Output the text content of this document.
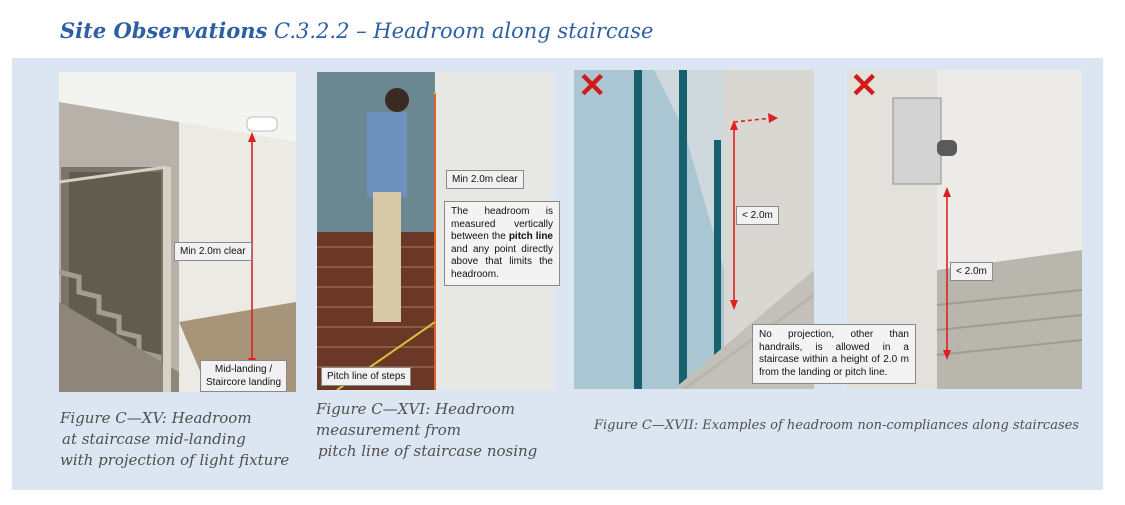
Site Observations C.3.2.2 – Headroom along staircase
Min 2.0m clear
Mid-landing /
Staircore landing
Figure C—XV: Headroom
at staircase mid-landing
with projection of light fixture
Min 2.0m clear
The headroom is measured vertically between the pitch line and any point directly above that limits the headroom.
Pitch line of steps
Figure C—XVI: Headroom
measurement from
pitch line of staircase nosing
✕
< 2.0m
✕
< 2.0m
No projection, other than handrails, is allowed in a staircase within a height of 2.0 m from the landing or pitch line.
Figure C—XVII: Examples of headroom non-compliances along staircases
